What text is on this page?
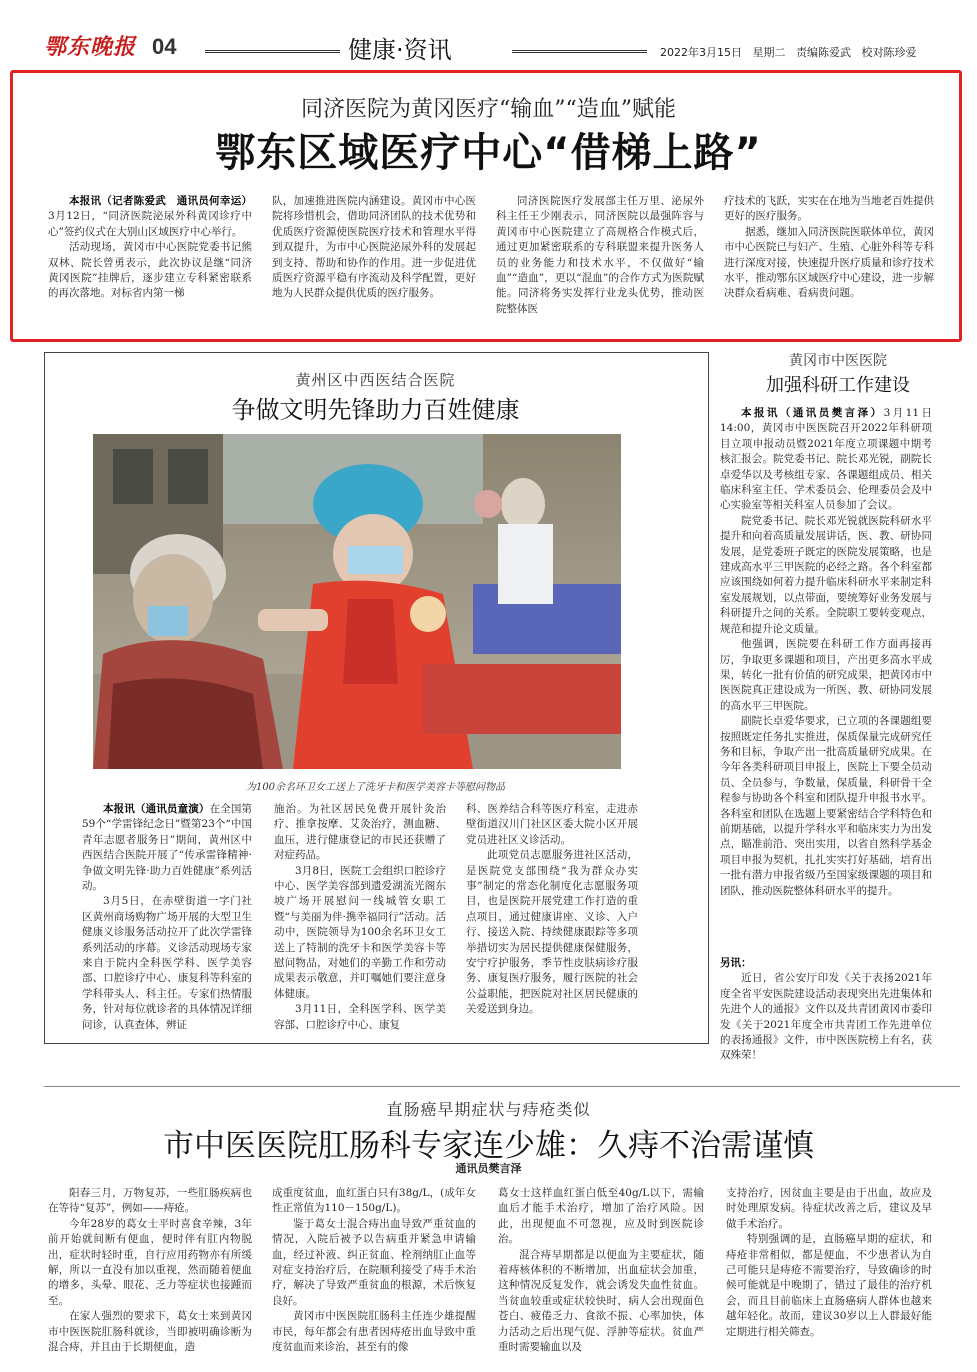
鄂东晚报 04	健康·资讯	2022年3月15日 星期二 责编陈爱武 校对陈珍爱
同济医院为黄冈医疗“输血”“造血”赋能
鄂东区域医疗中心“借梯上路”

本报讯（记者陈爱武　通讯员何幸运）3月12日，“同济医院泌尿外科黄冈诊疗中心”签约仪式在大别山区域医疗中心举行。

活动现场，黄冈市中心医院党委书记熊双林、院长曾勇表示，此次协议是继“同济黄冈医院”挂牌后，逐步建立专科紧密联系的再次落地。对标省内第一梯

队，加速推进医院内涵建设。黄冈市中心医院将珍惜机会，借助同济团队的技术优势和优质医疗资源使医院医疗技术和管理水平得到双提升，为市中心医院泌尿外科的发展起到支持、帮助和协作的作用。进一步促进优质医疗资源平稳有序流动及科学配置，更好地为人民群众提供优质的医疗服务。

同济医院医疗发展部主任万里、泌尿外科主任王少刚表示，同济医院以最强阵容与黄冈市中心医院建立了高规格合作模式后，通过更加紧密联系的专科联盟来提升医务人员的业务能力和技术水平，不仅做好“输血”“造血”，更以“混血”的合作方式为医院赋能。同济将务实发挥行业龙头优势，推动医院整体医

疗技术的飞跃，实实在在地为当地老百姓提供更好的医疗服务。

据悉，继加入同济医院医联体单位，黄冈市中心医院已与妇产、生殖、心脏外科等专科进行深度对接，快速提升医疗质量和诊疗技术水平，推动鄂东区域医疗中心建设，进一步解决群众看病难、看病贵问题。

黄州区中西医结合医院
争做文明先锋助力百姓健康
为100余名环卫女工送上了洗牙卡和医学美容卡等慰问物品

本报讯（通讯员童演）在全国第59个“学雷锋纪念日”暨第23个“中国青年志愿者服务日”期间，黄州区中西医结合医院开展了“传承雷锋精神·争做文明先锋·助力百姓健康”系列活动。

3月5日，在赤壁街道一字门社区黄州商场购物广场开展的大型卫生健康义诊服务活动拉开了此次学雷锋系列活动的序幕。义诊活动现场专家来自于院内全科医学科、医学美容部、口腔诊疗中心、康复科等科室的学科带头人、科主任。专家们热情服务，针对每位就诊者的具体情况详细问诊，认真查体，辨证

施治。为社区居民免费开展针灸治疗、推拿按摩、艾灸治疗，测血糖、血压，进行健康登记的市民还获赠了对症药品。

3月8日，医院工会组织口腔诊疗中心、医学美容部到遗爱湖流光阁东坡广场开展慰问一线城管女职工暨“与美丽为伴·携幸福同行”活动。活动中，医院领导为100余名环卫女工送上了特制的洗牙卡和医学美容卡等慰问物品，对她们的辛勤工作和劳动成果表示敬意，并叮嘱她们要注意身体健康。

3月11日，全科医学科、医学美容部、口腔诊疗中心、康复

科、医养结合科等医疗科室，走进赤壁街道汉川门社区区委大院小区开展党员进社区义诊活动。

此项党员志愿服务进社区活动，是医院党支部围绕“我为群众办实事”制定的常态化制度化志愿服务项目，也是医院开展党建工作打造的重点项目，通过健康讲座、义诊、入户行、接送入院、持续健康跟踪等多项举措切实为居民提供健康保健服务，安宁疗护服务，季节性皮肤病诊疗服务、康复医疗服务，履行医院的社会公益职能，把医院对社区居民健康的关爱送到身边。

黄冈市中医医院
加强科研工作建设

本报讯（通讯员樊言泽）3月11日14:00，黄冈市中医医院召开2022年科研项目立项申报动员暨2021年度立项课题中期考核汇报会。院党委书记、院长邓光锐，副院长卓爱华以及考核组专家、各课题组成员、相关临床科室主任、学术委员会、伦理委员会及中心实验室等相关科室人员参加了会议。

院党委书记、院长邓光锐就医院科研水平提升和向着高质量发展讲话，医、教、研协同发展，是党委班子既定的医院发展策略，也是建成高水平三甲医院的必经之路。各个科室都应该围绕如何着力提升临床科研水平来制定科室发展规划，以点带面，要统筹好业务发展与科研提升之间的关系。全院职工要转变观点，规范和提升论文质量。

他强调，医院要在科研工作方面再接再厉，争取更多课题和项目，产出更多高水平成果，转化一批有价值的研究成果，把黄冈市中医医院真正建设成为一所医、教、研协同发展的高水平三甲医院。

副院长卓爱华要求，已立项的各课题组要按照既定任务扎实推进，保质保量完成研究任务和目标，争取产出一批高质量研究成果。在今年各类科研项目申报上，医院上下要全员动员、全员参与，争数量，保质量，科研骨干全程参与协助各个科室和团队提升申报书水平。各科室和团队在选题上要紧密结合学科特色和前期基础，以提升学科水平和临床实力为出发点，瞄准前沿、突出实用，以省自然科学基金项目申报为契机，扎扎实实打好基础，培育出一批有潜力申报省级乃至国家级课题的项目和团队，推动医院整体科研水平的提升。

另讯：

近日，省公安厅印发《关于表扬2021年度全省平安医院建设活动表现突出先进集体和先进个人的通报》文件以及共青团黄冈市委印发《关于2021年度全市共青团工作先进单位的表扬通报》文件，市中医医院榜上有名，获双殊荣！

直肠癌早期症状与痔疮类似
市中医医院肛肠科专家连少雄：久痔不治需谨慎
通讯员樊言泽

阳春三月，万物复苏，一些肛肠疾病也在等待“复苏”，例如——痔疮。

今年28岁的葛女士平时喜食辛辣，3年前开始就间断有便血，便时伴有肛内物脱出，症状时轻时重，自行应用药物亦有所缓解，所以一直没有加以重视，然而随着便血的增多，头晕、眼花、乏力等症状也接踵而至。

在家人强烈的要求下，葛女士来到黄冈市中医医院肛肠科就诊，当即被明确诊断为混合痔，并且由于长期便血，造

成重度贫血，血红蛋白只有38g/L，(成年女性正常值为110－150g/L)。

鉴于葛女士混合痔出血导致严重贫血的情况，入院后被予以告病重并紧急申请输血，经过补液、纠正贫血、栓剂纳肛止血等对症支持治疗后，在院顺利接受了痔手术治疗，解决了导致严重贫血的根源，术后恢复良好。

黄冈市中医医院肛肠科主任连少雄提醒市民，每年都会有患者因痔疮出血导致中重度贫血而来诊治，甚至有的像

葛女士这样血红蛋白低至40g/L以下，需输血后才能手术治疗，增加了治疗风险。因此，出现便血不可忽视，应及时到医院诊治。

混合痔早期都是以便血为主要症状，随着痔核体积的不断增加，出血症状会加重，这种情况反复发作，就会诱发失血性贫血。当贫血较重或症状较快时，病人会出现面色苍白、疲倦乏力、食欲不振、心率加快，体力活动之后出现气促、浮肿等症状。贫血严重时需要输血以及

支持治疗，因贫血主要是由于出血，故应及时处理原发病。待症状改善之后，建议及早做手术治疗。

特别强调的是，直肠癌早期的症状，和痔疮非常相似，都是便血，不少患者认为自己可能只是痔疮不需要治疗，导致确诊的时候可能就是中晚期了，错过了最佳的治疗机会，而且目前临床上直肠癌病人群体也越来越年轻化。故而，建议30岁以上人群最好能定期进行相关筛查。
